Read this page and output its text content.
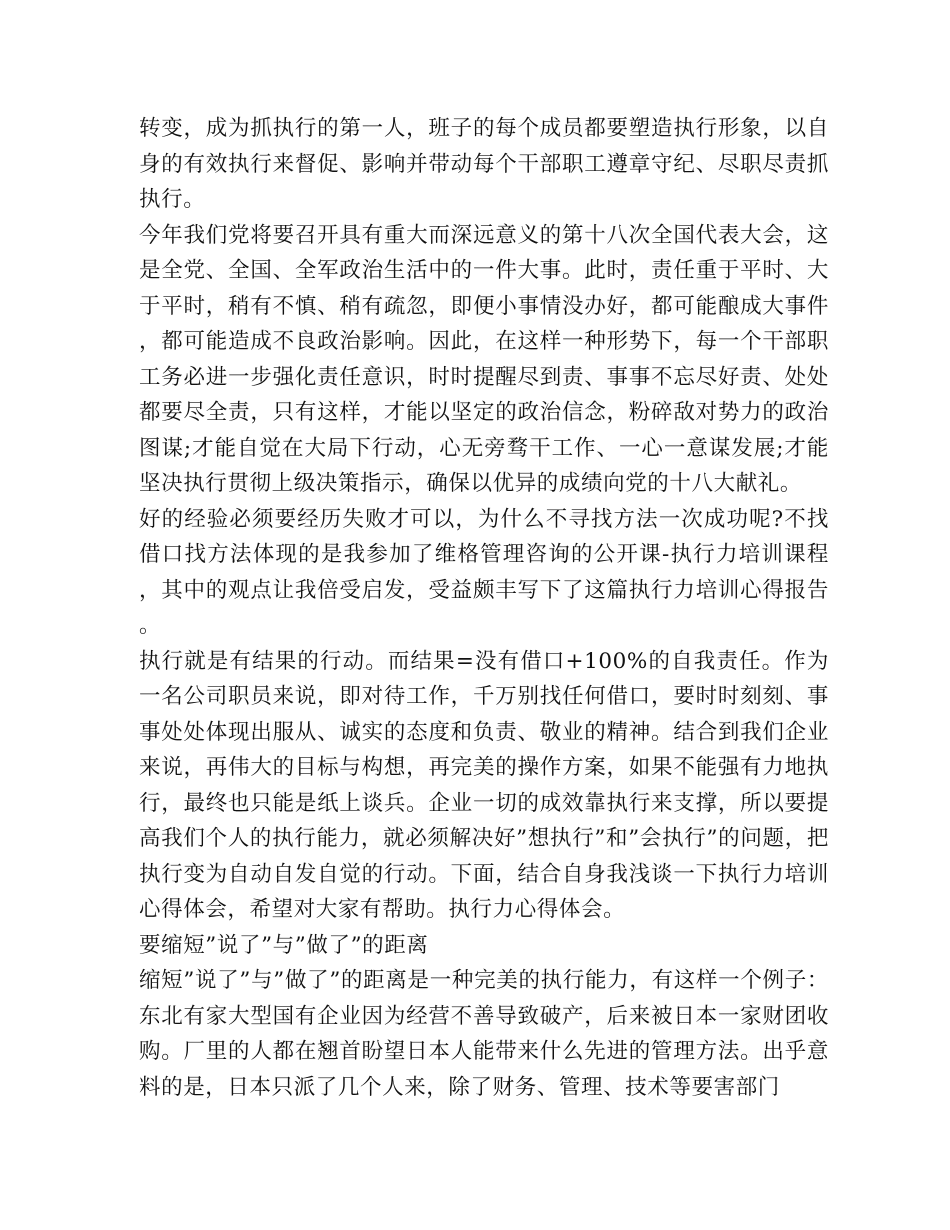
转变，成为抓执行的第一人，班子的每个成员都要塑造执行形象，以自身的有效执行来督促、影响并带动每个干部职工遵章守纪、尽职尽责抓执行。

今年我们党将要召开具有重大而深远意义的第十八次全国代表大会，这是全党、全国、全军政治生活中的一件大事。此时，责任重于平时、大于平时，稍有不慎、稍有疏忽，即便小事情没办好，都可能酿成大事件，都可能造成不良政治影响。因此，在这样一种形势下，每一个干部职工务必进一步强化责任意识，时时提醒尽到责、事事不忘尽好责、处处都要尽全责，只有这样，才能以坚定的政治信念，粉碎敌对势力的政治图谋;才能自觉在大局下行动，心无旁骛干工作、一心一意谋发展;才能坚决执行贯彻上级决策指示，确保以优异的成绩向党的十八大献礼。

好的经验必须要经历失败才可以，为什么不寻找方法一次成功呢?不找借口找方法体现的是我参加了维格管理咨询的公开课-执行力培训课程，其中的观点让我倍受启发，受益颇丰写下了这篇执行力培训心得报告。

执行就是有结果的行动。而结果=没有借口+100%的自我责任。作为一名公司职员来说，即对待工作，千万别找任何借口，要时时刻刻、事事处处体现出服从、诚实的态度和负责、敬业的精神。结合到我们企业来说，再伟大的目标与构想，再完美的操作方案，如果不能强有力地执行，最终也只能是纸上谈兵。企业一切的成效靠执行来支撑，所以要提高我们个人的执行能力，就必须解决好”想执行”和”会执行”的问题，把执行变为自动自发自觉的行动。下面，结合自身我浅谈一下执行力培训心得体会，希望对大家有帮助。执行力心得体会。

要缩短”说了”与”做了”的距离

缩短”说了”与”做了”的距离是一种完美的执行能力，有这样一个例子：东北有家大型国有企业因为经营不善导致破产，后来被日本一家财团收购。厂里的人都在翘首盼望日本人能带来什么先进的管理方法。出乎意料的是，日本只派了几个人来，除了财务、管理、技术等要害部门
